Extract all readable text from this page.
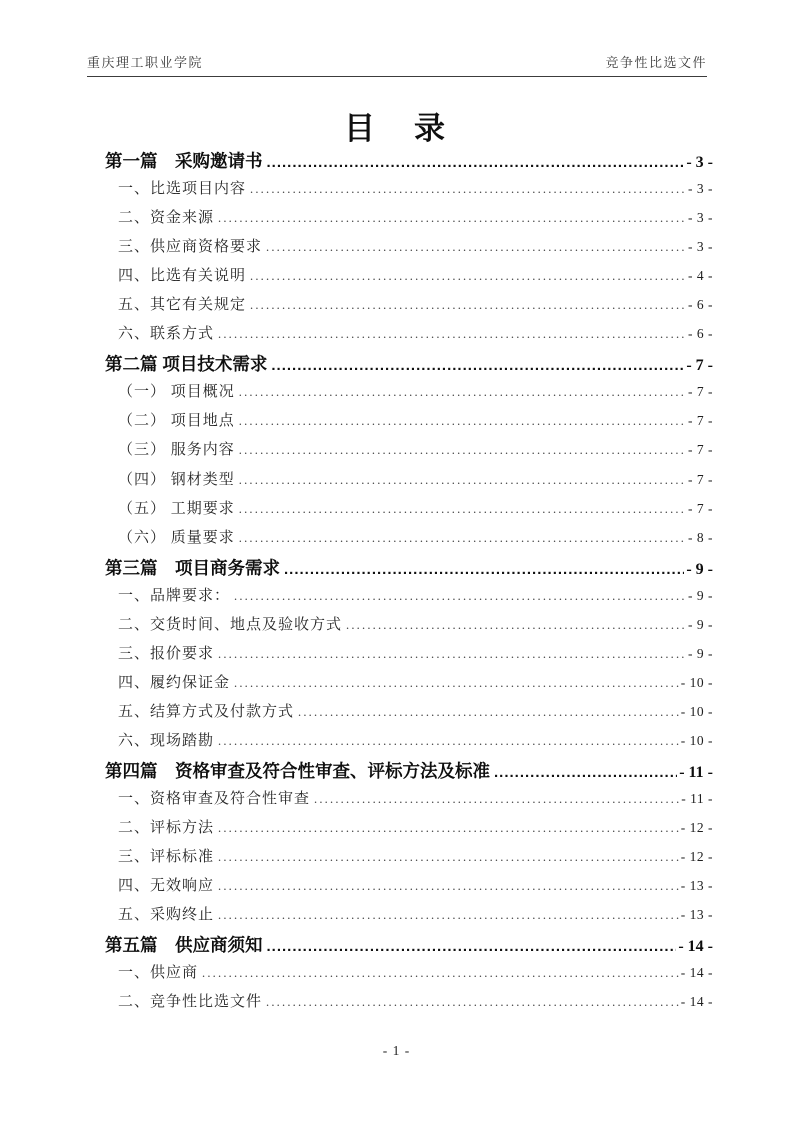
重庆理工职业学院	竞争性比选文件
目　录
第一篇　采购邀请书 .....	- 3 -
一、比选项目内容 .....	- 3 -
二、资金来源 .....	- 3 -
三、供应商资格要求 .....	- 3 -
四、比选有关说明 .....	- 4 -
五、其它有关规定 .....	- 6 -
六、联系方式 .....	- 6 -
第二篇 项目技术需求 .....	- 7 -
（一） 项目概况 .....	- 7 -
（二） 项目地点 .....	- 7 -
（三） 服务内容 .....	- 7 -
（四） 钢材类型 .....	- 7 -
（五） 工期要求 .....	- 7 -
（六） 质量要求 .....	- 8 -
第三篇　项目商务需求 .....	- 9 -
一、品牌要求： .....	- 9 -
二、交货时间、地点及验收方式 .....	- 9 -
三、报价要求 .....	- 9 -
四、履约保证金 .....	- 10 -
五、结算方式及付款方式 .....	- 10 -
六、现场踏勘 .....	- 10 -
第四篇　资格审查及符合性审查、评标方法及标准 .....	- 11 -
一、资格审查及符合性审查 .....	- 11 -
二、评标方法 .....	- 12 -
三、评标标准 .....	- 12 -
四、无效响应 .....	- 13 -
五、采购终止 .....	- 13 -
第五篇　供应商须知 .....	- 14 -
一、供应商 .....	- 14 -
二、竞争性比选文件 .....	- 14 -
- 1 -
